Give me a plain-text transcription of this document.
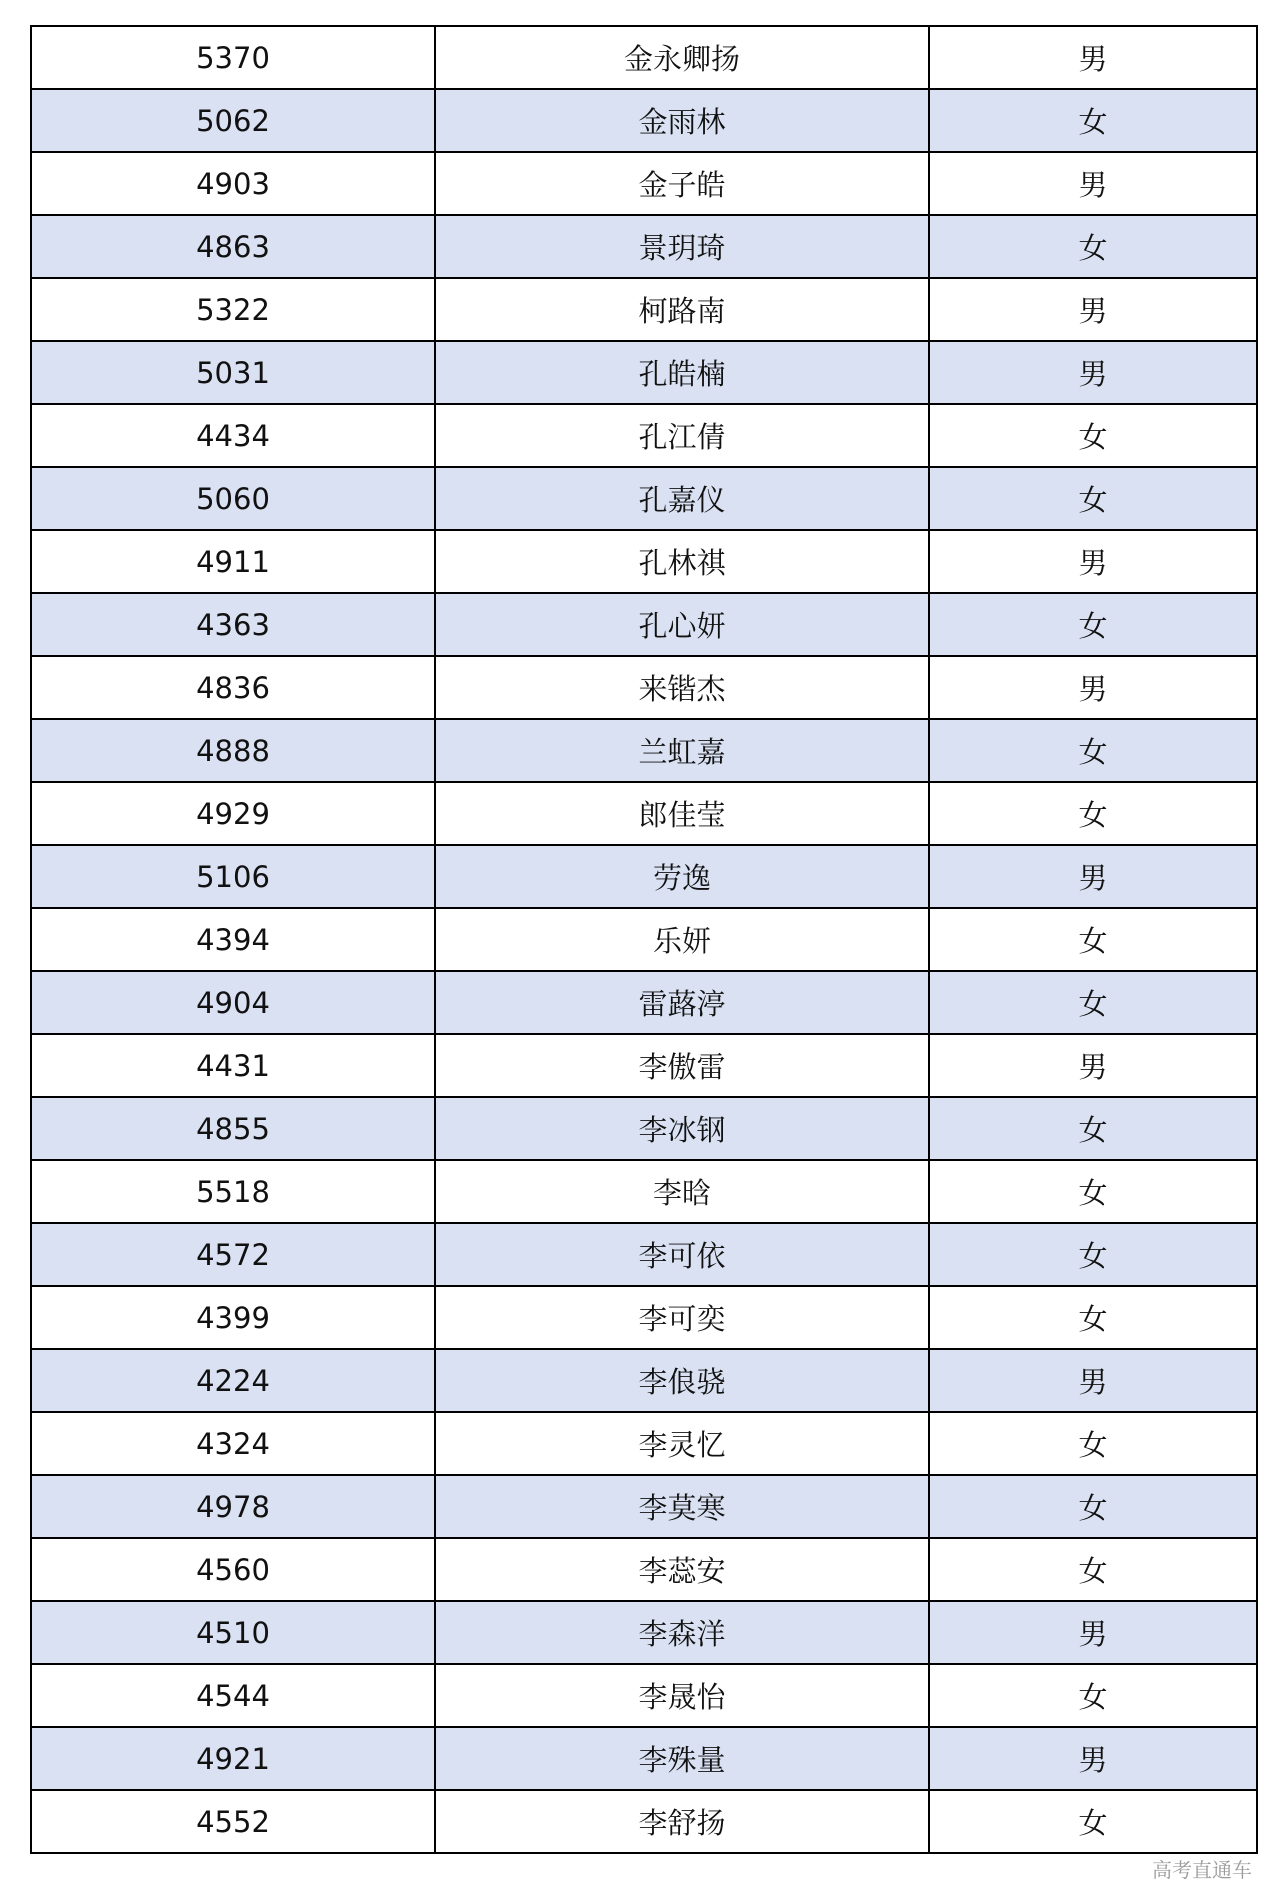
5370	金永卿扬	男
5062	金雨林	女
4903	金子皓	男
4863	景玥琦	女
5322	柯路南	男
5031	孔皓楠	男
4434	孔江倩	女
5060	孔嘉仪	女
4911	孔林祺	男
4363	孔心妍	女
4836	来锴杰	男
4888	兰虹嘉	女
4929	郎佳莹	女
5106	劳逸	男
4394	乐妍	女
4904	雷蕗渟	女
4431	李傲雷	男
4855	李冰钢	女
5518	李晗	女
4572	李可依	女
4399	李可奕	女
4224	李俍骁	男
4324	李灵忆	女
4978	李莫寒	女
4560	李蕊安	女
4510	李森洋	男
4544	李晟怡	女
4921	李殊量	男
4552	李舒扬	女
高考直通车
